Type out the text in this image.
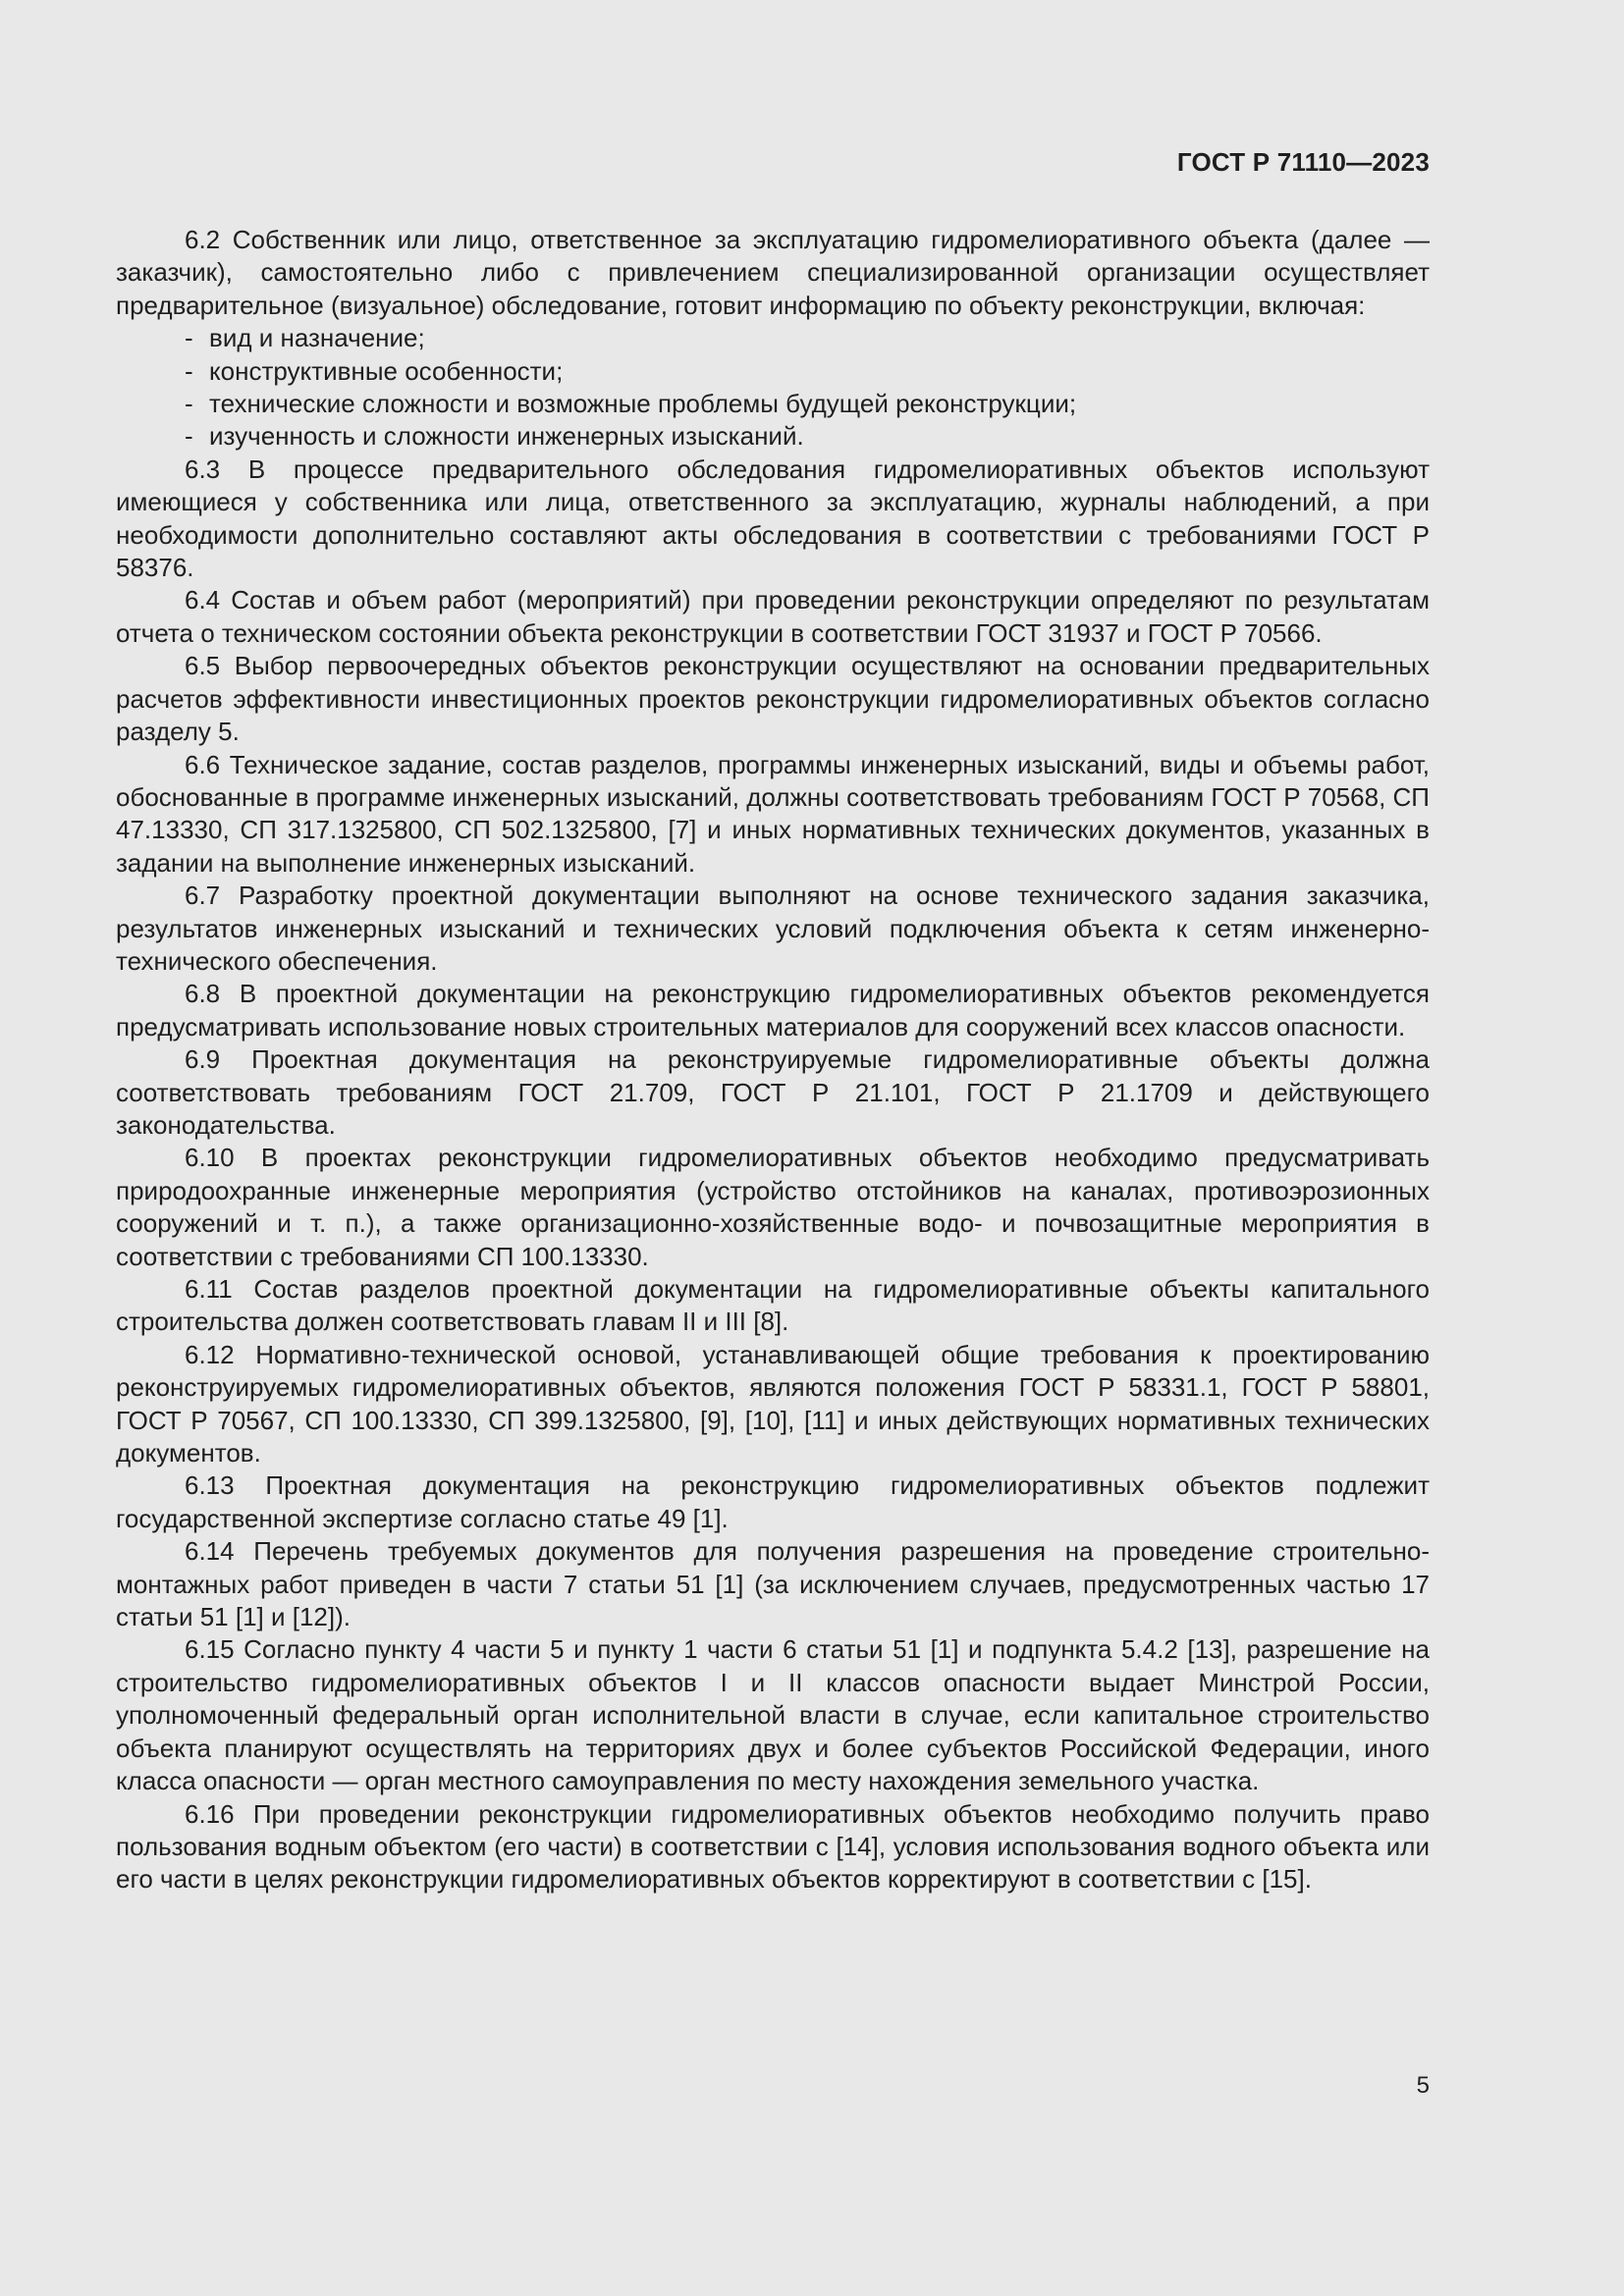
ГОСТ Р 71110—2023

6.2 Собственник или лицо, ответственное за эксплуатацию гидромелиоративного объекта (далее — заказчик), самостоятельно либо с привлечением специализированной организации осуществляет предварительное (визуальное) обследование, готовит информацию по объекту реконструкции, включая:

- вид и назначение;

- конструктивные особенности;

- технические сложности и возможные проблемы будущей реконструкции;

- изученность и сложности инженерных изысканий.

6.3 В процессе предварительного обследования гидромелиоративных объектов используют имеющиеся у собственника или лица, ответственного за эксплуатацию, журналы наблюдений, а при необходимости дополнительно составляют акты обследования в соответствии с требованиями ГОСТ Р 58376.

6.4 Состав и объем работ (мероприятий) при проведении реконструкции определяют по результатам отчета о техническом состоянии объекта реконструкции в соответствии ГОСТ 31937 и ГОСТ Р 70566.

6.5 Выбор первоочередных объектов реконструкции осуществляют на основании предварительных расчетов эффективности инвестиционных проектов реконструкции гидромелиоративных объектов согласно разделу 5.

6.6 Техническое задание, состав разделов, программы инженерных изысканий, виды и объемы работ, обоснованные в программе инженерных изысканий, должны соответствовать требованиям ГОСТ Р 70568, СП 47.13330, СП 317.1325800, СП 502.1325800, [7] и иных нормативных технических документов, указанных в задании на выполнение инженерных изысканий.

6.7 Разработку проектной документации выполняют на основе технического задания заказчика, результатов инженерных изысканий и технических условий подключения объекта к сетям инженерно-технического обеспечения.

6.8 В проектной документации на реконструкцию гидромелиоративных объектов рекомендуется предусматривать использование новых строительных материалов для сооружений всех классов опасности.

6.9 Проектная документация на реконструируемые гидромелиоративные объекты должна соответствовать требованиям ГОСТ 21.709, ГОСТ Р 21.101, ГОСТ Р 21.1709 и действующего законодательства.

6.10 В проектах реконструкции гидромелиоративных объектов необходимо предусматривать природоохранные инженерные мероприятия (устройство отстойников на каналах, противоэрозионных сооружений и т. п.), а также организационно-хозяйственные водо- и почвозащитные мероприятия в соответствии с требованиями СП 100.13330.

6.11 Состав разделов проектной документации на гидромелиоративные объекты капитального строительства должен соответствовать главам II и III [8].

6.12 Нормативно-технической основой, устанавливающей общие требования к проектированию реконструируемых гидромелиоративных объектов, являются положения ГОСТ Р 58331.1, ГОСТ Р 58801, ГОСТ Р 70567, СП 100.13330, СП 399.1325800, [9], [10], [11] и иных действующих нормативных технических документов.

6.13 Проектная документация на реконструкцию гидромелиоративных объектов подлежит государственной экспертизе согласно статье 49 [1].

6.14 Перечень требуемых документов для получения разрешения на проведение строительно-монтажных работ приведен в части 7 статьи 51 [1] (за исключением случаев, предусмотренных частью 17 статьи 51 [1] и [12]).

6.15 Согласно пункту 4 части 5 и пункту 1 части 6 статьи 51 [1] и подпункта 5.4.2 [13], разрешение на строительство гидромелиоративных объектов I и II классов опасности выдает Минстрой России, уполномоченный федеральный орган исполнительной власти в случае, если капитальное строительство объекта планируют осуществлять на территориях двух и более субъектов Российской Федерации, иного класса опасности — орган местного самоуправления по месту нахождения земельного участка.

6.16 При проведении реконструкции гидромелиоративных объектов необходимо получить право пользования водным объектом (его части) в соответствии с [14], условия использования водного объекта или его части в целях реконструкции гидромелиоративных объектов корректируют в соответствии с [15].

5
